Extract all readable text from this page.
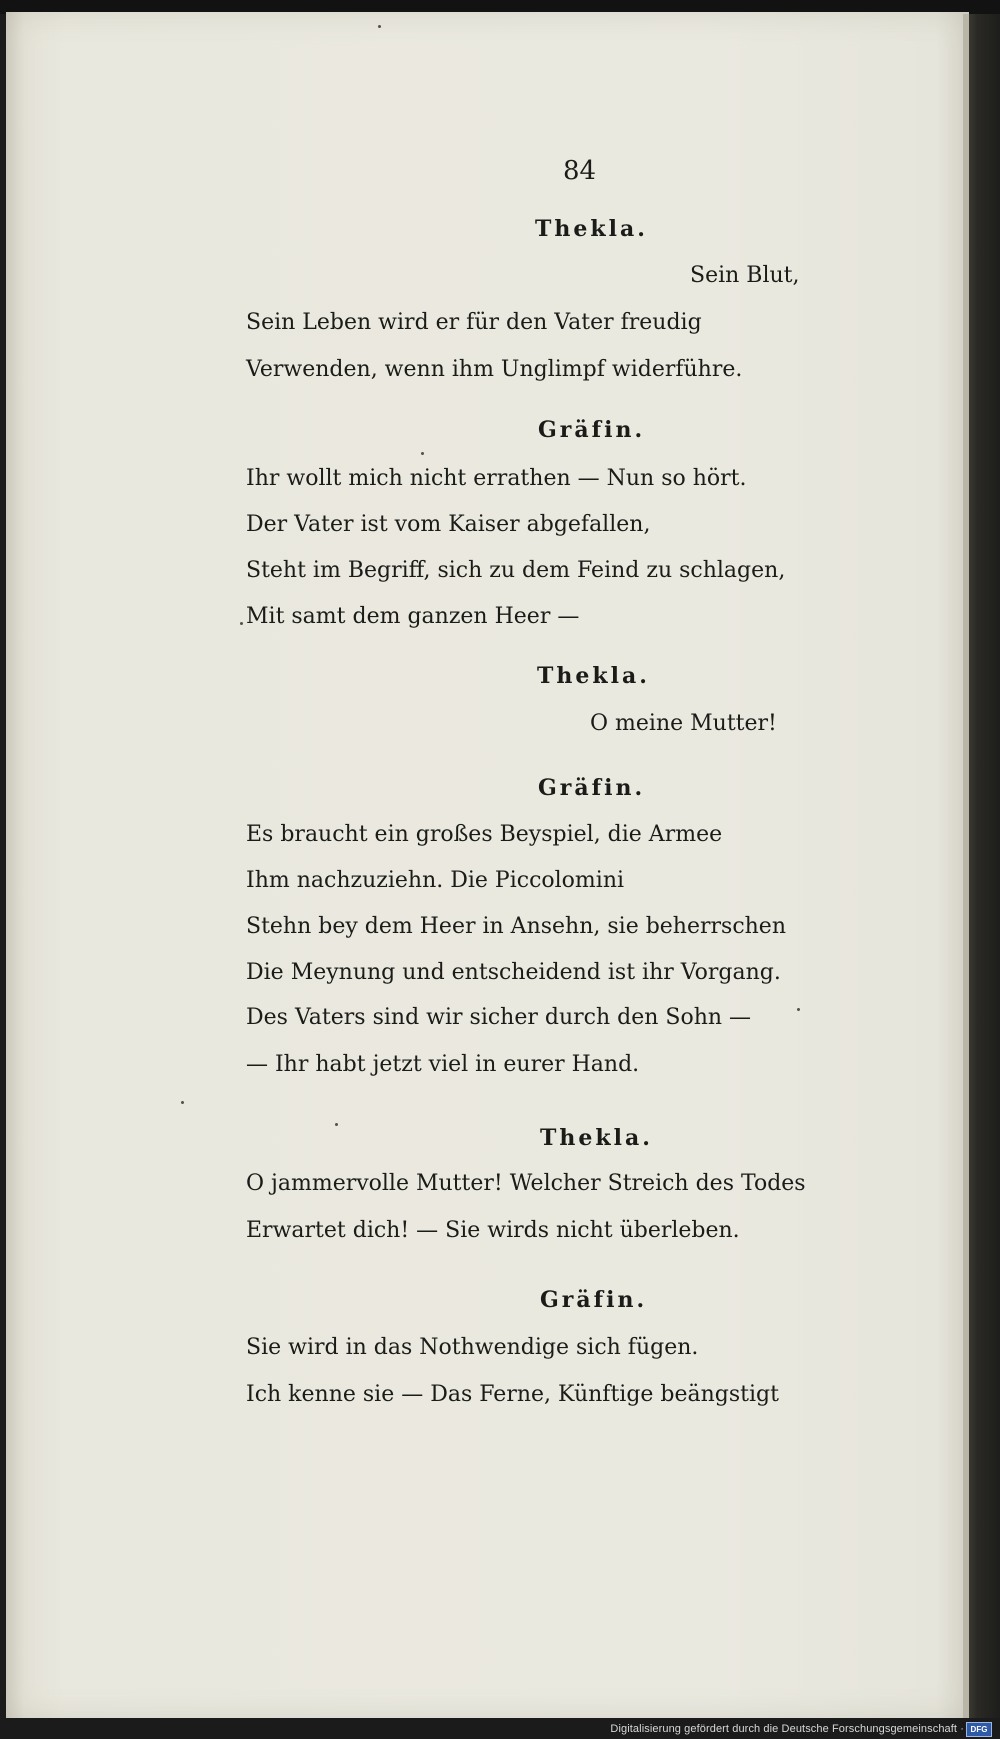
84
Thekla.
Sein Blut,
Sein Leben wird er für den Vater freudig
Verwenden, wenn ihm Unglimpf widerführe.
Gräfin.
Ihr wollt mich nicht errathen — Nun so hört.
Der Vater ist vom Kaiser abgefallen,
Steht im Begriff, sich zu dem Feind zu schlagen,
Mit samt dem ganzen Heer —
Thekla.
O meine Mutter!
Gräfin.
Es braucht ein großes Beyspiel, die Armee
Ihm nachzuziehn. Die Piccolomini
Stehn bey dem Heer in Ansehn, sie beherrschen
Die Meynung und entscheidend ist ihr Vorgang.
Des Vaters sind wir sicher durch den Sohn —
— Ihr habt jetzt viel in eurer Hand.
Thekla.
O jammervolle Mutter! Welcher Streich des Todes
Erwartet dich! — Sie wirds nicht überleben.
Gräfin.
Sie wird in das Nothwendige sich fügen.
Ich kenne sie — Das Ferne, Künftige beängstigt
Digitalisierung gefördert durch die Deutsche Forschungsgemeinschaft · DFG
